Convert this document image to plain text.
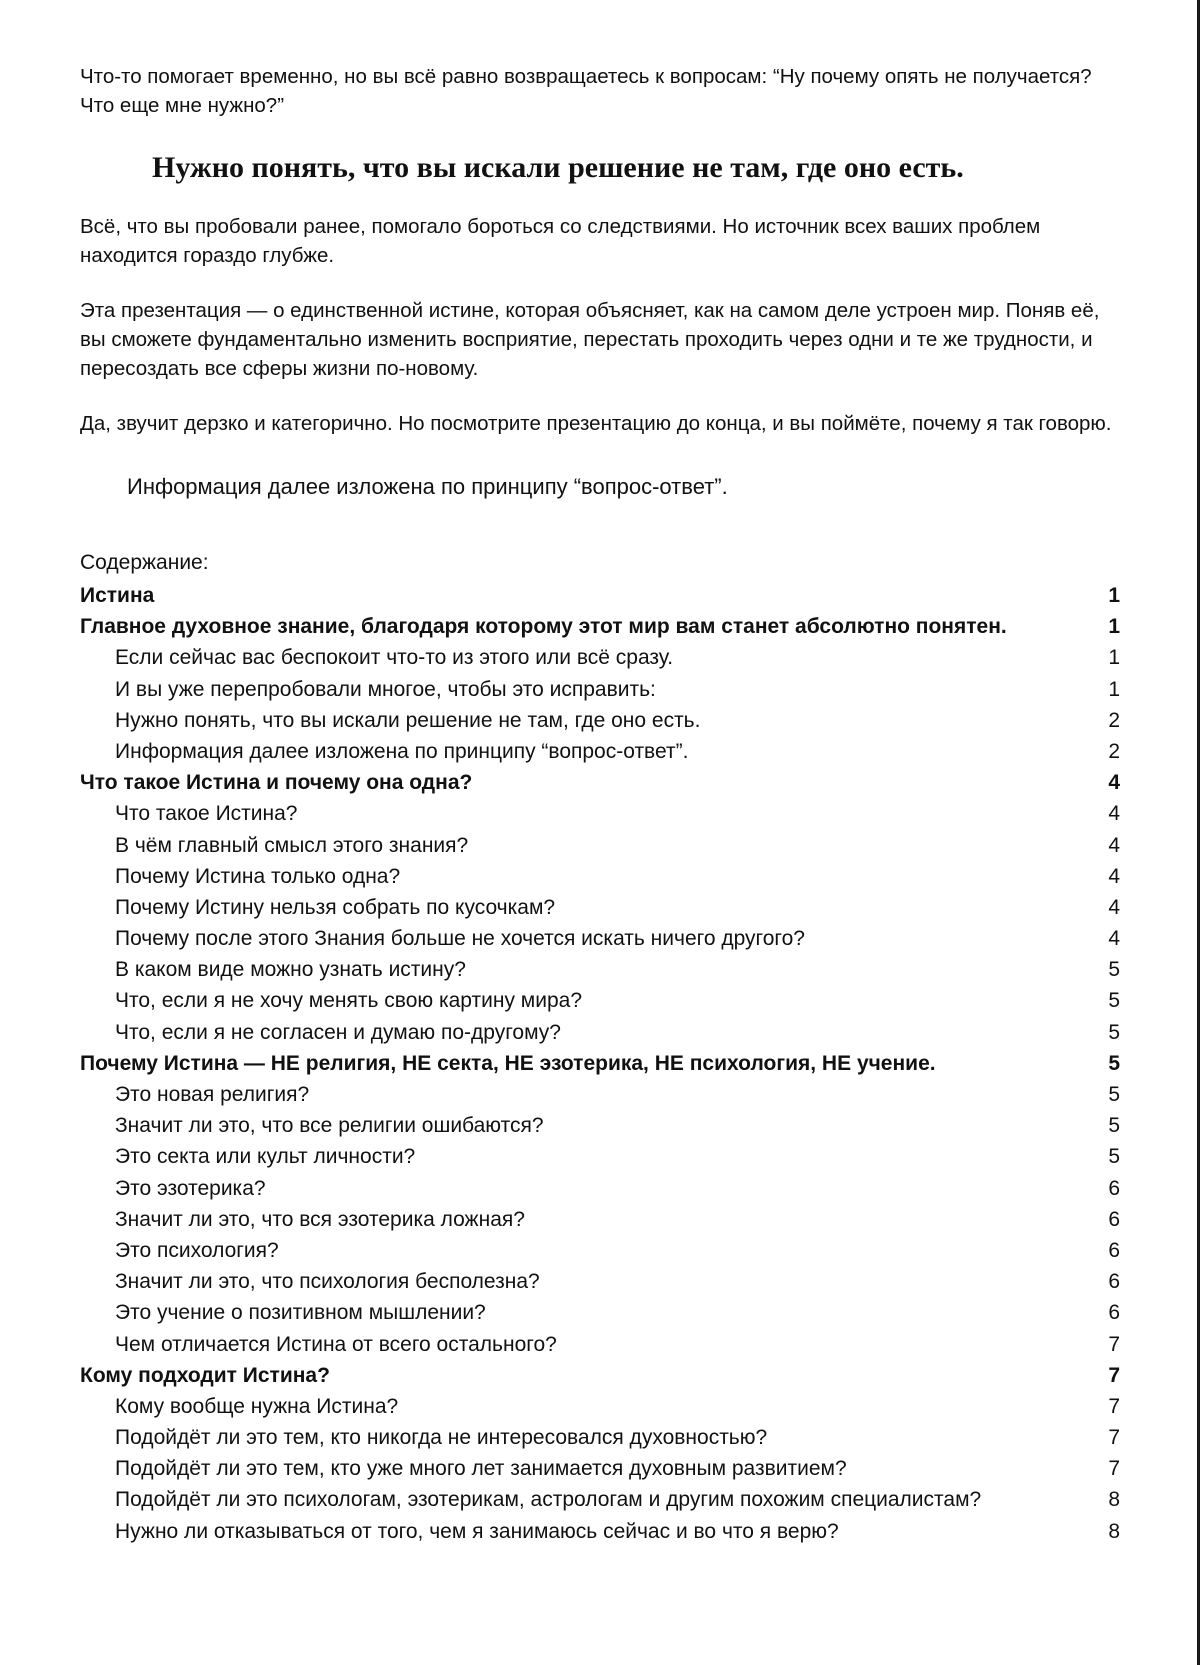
Что-то помогает временно, но вы всё равно возвращаетесь к вопросам: “Ну почему опять не получается? Что еще мне нужно?”

Нужно понять, что вы искали решение не там, где оно есть.

Всё, что вы пробовали ранее, помогало бороться со следствиями. Но источник всех ваших проблем находится гораздо глубже.

Эта презентация — о единственной истине, которая объясняет, как на самом деле устроен мир. Поняв её, вы сможете фундаментально изменить восприятие, перестать проходить через одни и те же трудности, и пересоздать все сферы жизни по-новому.

Да, звучит дерзко и категорично. Но посмотрите презентацию до конца, и вы поймёте, почему я так говорю.

Информация далее изложена по принципу “вопрос-ответ”.

Содержание:

Истина	1
Главное духовное знание, благодаря которому этот мир вам станет абсолютно понятен.	1
Если сейчас вас беспокоит что-то из этого или всё сразу.	1
И вы уже перепробовали многое, чтобы это исправить:	1
Нужно понять, что вы искали решение не там, где оно есть.	2
Информация далее изложена по принципу “вопрос-ответ”.	2
Что такое Истина и почему она одна?	4
Что такое Истина?	4
В чём главный смысл этого знания?	4
Почему Истина только одна?	4
Почему Истину нельзя собрать по кусочкам?	4
Почему после этого Знания больше не хочется искать ничего другого?	4
В каком виде можно узнать истину?	5
Что, если я не хочу менять свою картину мира?	5
Что, если я не согласен и думаю по-другому?	5
Почему Истина — НЕ религия, НЕ секта, НЕ эзотерика, НЕ психология, НЕ учение.	5
Это новая религия?	5
Значит ли это, что все религии ошибаются?	5
Это секта или культ личности?	5
Это эзотерика?	6
Значит ли это, что вся эзотерика ложная?	6
Это психология?	6
Значит ли это, что психология бесполезна?	6
Это учение о позитивном мышлении?	6
Чем отличается Истина от всего остального?	7
Кому подходит Истина?	7
Кому вообще нужна Истина?	7
Подойдёт ли это тем, кто никогда не интересовался духовностью?	7
Подойдёт ли это тем, кто уже много лет занимается духовным развитием?	7
Подойдёт ли это психологам, эзотерикам, астрологам и другим похожим специалистам?	8
Нужно ли отказываться от того, чем я занимаюсь сейчас и во что я верю?	8
